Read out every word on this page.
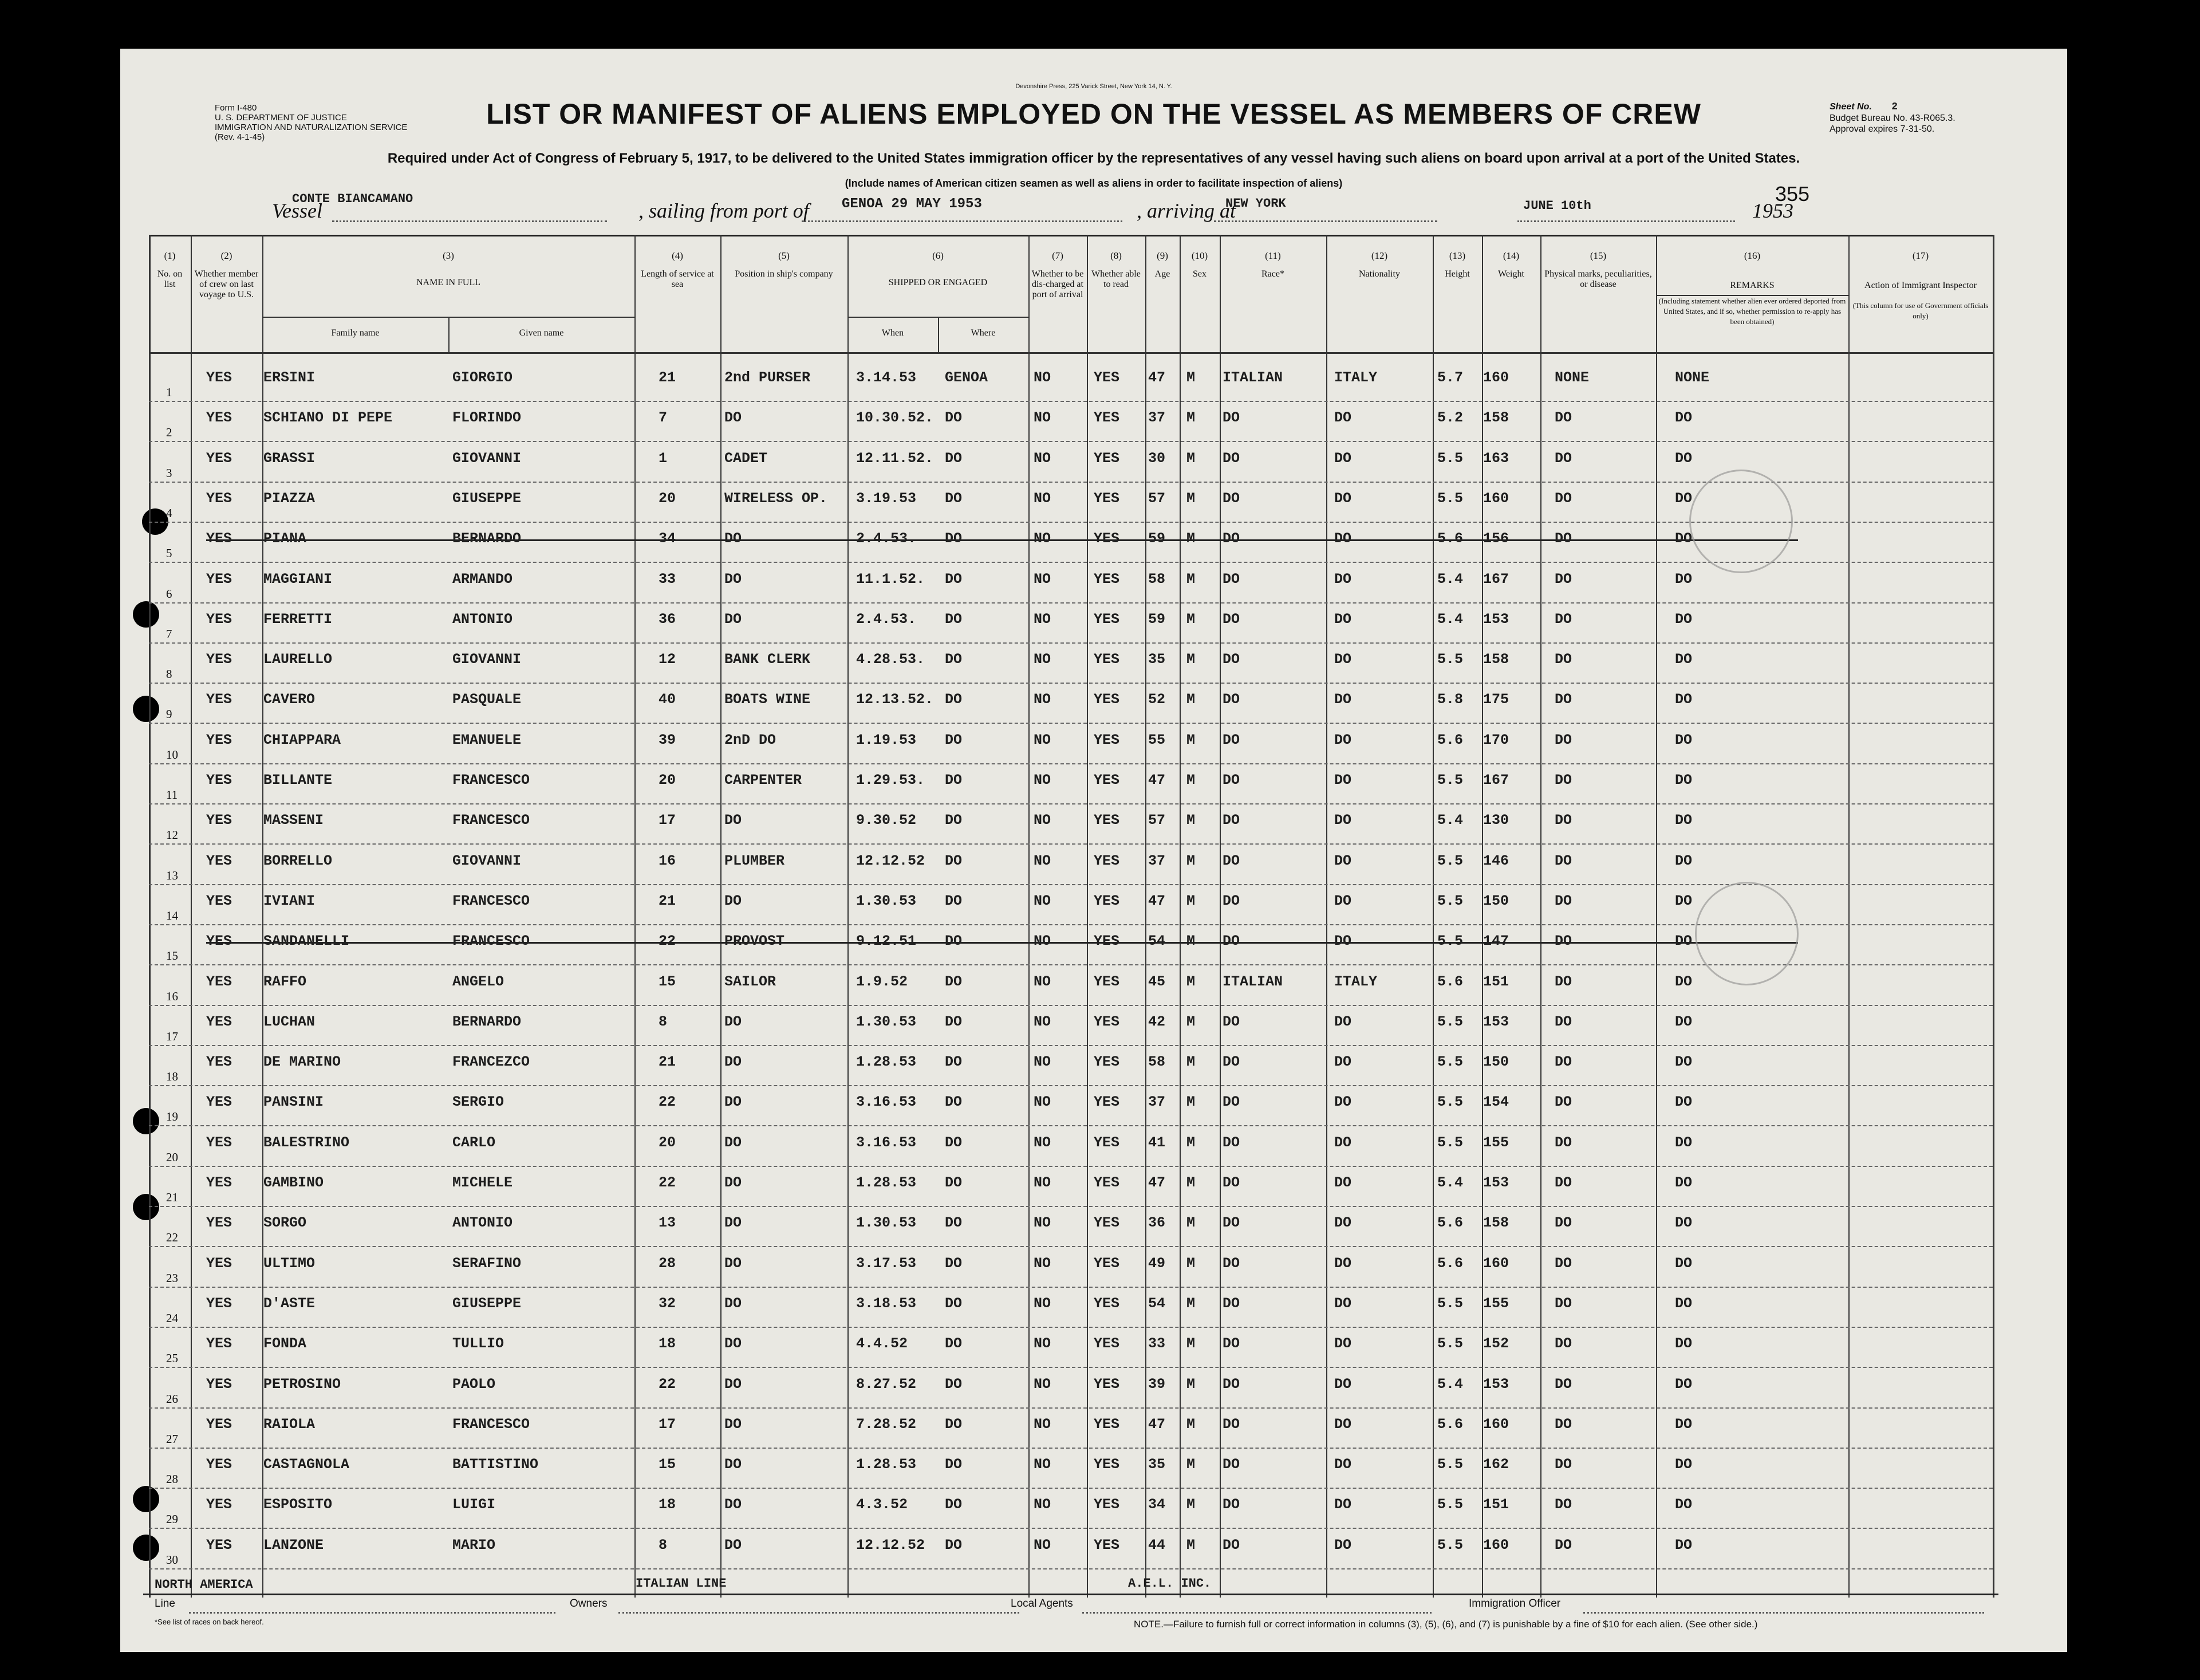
Form I-480
U. S. DEPARTMENT OF JUSTICE
IMMIGRATION AND NATURALIZATION SERVICE
(Rev. 4-1-45)
Devonshire Press, 225 Varick Street, New York 14, N. Y.
LIST OR MANIFEST OF ALIENS EMPLOYED ON THE VESSEL AS MEMBERS OF CREW
Required under Act of Congress of February 5, 1917, to be delivered to the United States immigration officer by the representatives of any vessel having such aliens on board upon arrival at a port of the United States.
(Include names of American citizen seamen as well as aliens in order to facilitate inspection of aliens)
Sheet No. 2
Budget Bureau No. 43-R065.3.
Approval expires 7-31-50.
Vessel
CONTE BIANCAMANO
, sailing from port of GENOA 29 MAY 1953	, arriving at
NEW YORK	JUNE 10th	1953
355
(1)
No. on list
(2)
Whether member of crew on last voyage to U.S.
(3)
NAME IN FULL
(4)
Length of service at sea
(5)
Position in ship's company
(6)
SHIPPED OR ENGAGED
(7)
Whether to be dis-charged at port of arrival
(8)
Whether able to read
(9)
Age
(10)
Sex
(11)
Race*
(12)
Nationality
(13)
Height
(14)
Weight
(15)
Physical marks, peculiarities, or disease
(16)
REMARKS
(17)
Action of Immigrant Inspector
Family name	Given name	When	Where
(Including statement whether alien ever ordered deported from United States, and if so, whether permission to re-apply has been obtained)
(This column for use of Government officials only)
1
YES ERSINI	GIORGIO	21	2nd PURSER	3.14.53 GENOA	NO	YES 47 M ITALIAN	ITALY	5.7 160	NONE	NONE
2
YES SCHIANO DI PEPE	FLORINDO	7	DO	10.30.52. DO	NO	YES 37 M DO	DO	5.2 158	DO	DO
3
YES GRASSI	GIOVANNI	1	CADET	12.11.52. DO	NO	YES 30 M DO	DO	5.5 163	DO	DO
4
YES PIAZZA	GIUSEPPE	20	WIRELESS OP. 3.19.53 DO	NO	YES 57 M DO	DO	5.5 160	DO	DO
5
YES PIANA	BERNARDO	34	DO	2.4.53. DO	NO	YES 59 M DO	DO	5.6 156	DO	DO
6
YES MAGGIANI	ARMANDO	33	DO	11.1.52. DO	NO	YES 58 M DO	DO	5.4 167	DO	DO
7
YES FERRETTI	ANTONIO	36	DO	2.4.53. DO	NO	YES 59 M DO	DO	5.4 153	DO	DO
8
YES LAURELLO	GIOVANNI	12	BANK CLERK	4.28.53. DO	NO	YES 35 M DO	DO	5.5 158	DO	DO
9
YES CAVERO	PASQUALE	40	BOATS WINE	12.13.52. DO	NO	YES 52 M DO	DO	5.8 175	DO	DO
10
YES CHIAPPARA	EMANUELE	39	2nD DO	1.19.53 DO	NO	YES 55 M DO	DO	5.6 170	DO	DO
11
YES BILLANTE	FRANCESCO	20	CARPENTER	1.29.53. DO	NO	YES 47 M DO	DO	5.5 167	DO	DO
12
YES MASSENI	FRANCESCO	17	DO	9.30.52 DO	NO	YES 57 M DO	DO	5.4 130	DO	DO
13
YES BORRELLO	GIOVANNI	16	PLUMBER	12.12.52 DO	NO	YES 37 M DO	DO	5.5 146	DO	DO
14
YES IVIANI	FRANCESCO	21	DO	1.30.53 DO	NO	YES 47 M DO	DO	5.5 150	DO	DO
15
YES SANDANELLI	FRANCESCO	22	PROVOST	9.12.51 DO	NO	YES 54 M DO	DO	5.5 147	DO	DO
16
YES RAFFO	ANGELO	15	SAILOR	1.9.52	DO	NO	YES 45 M ITALIAN	ITALY	5.6 151	DO	DO
17
YES LUCHAN	BERNARDO	8	DO	1.30.53 DO	NO	YES 42 M DO	DO	5.5 153	DO	DO
18
YES DE MARINO	FRANCEZCO	21	DO	1.28.53 DO	NO	YES 58 M DO	DO	5.5 150	DO	DO
19
YES PANSINI	SERGIO	22	DO	3.16.53 DO	NO	YES 37 M DO	DO	5.5 154	DO	DO
20
YES BALESTRINO	CARLO	20	DO	3.16.53 DO	NO	YES 41 M DO	DO	5.5 155	DO	DO
21
YES GAMBINO	MICHELE	22	DO	1.28.53 DO	NO	YES 47 M DO	DO	5.4 153	DO	DO
22
YES SORGO	ANTONIO	13	DO	1.30.53 DO	NO	YES 36 M DO	DO	5.6 158	DO	DO
23
YES ULTIMO	SERAFINO	28	DO	3.17.53 DO	NO	YES 49 M DO	DO	5.6 160	DO	DO
24
YES D'ASTE	GIUSEPPE	32	DO	3.18.53 DO	NO	YES 54 M DO	DO	5.5 155	DO	DO
25
YES FONDA	TULLIO	18	DO	4.4.52	DO	NO	YES 33 M DO	DO	5.5 152	DO	DO
26
YES PETROSINO	PAOLO	22	DO	8.27.52 DO	NO	YES 39 M DO	DO	5.4 153	DO	DO
27
YES RAIOLA	FRANCESCO	17	DO	7.28.52 DO	NO	YES 47 M DO	DO	5.6 160	DO	DO
28
YES CASTAGNOLA	BATTISTINO	15	DO	1.28.53 DO	NO	YES 35 M DO	DO	5.5 162	DO	DO
29
YES ESPOSITO	LUIGI	18	DO	4.3.52	DO	NO	YES 34 M DO	DO	5.5 151	DO	DO
30
YES LANZONE	MARIO	8	DO	12.12.52 DO	NO	YES 44 M DO	DO	5.5 160	DO	DO
NORTH AMERICA
Line	Owners
ITALIAN LINE
Local Agents
A.E.L. INC.
Immigration Officer
*See list of races on back hereof.	NOTE.—Failure to furnish full or correct information in columns (3), (5), (6), and (7) is punishable by a fine of $10 for each alien. (See other side.)
